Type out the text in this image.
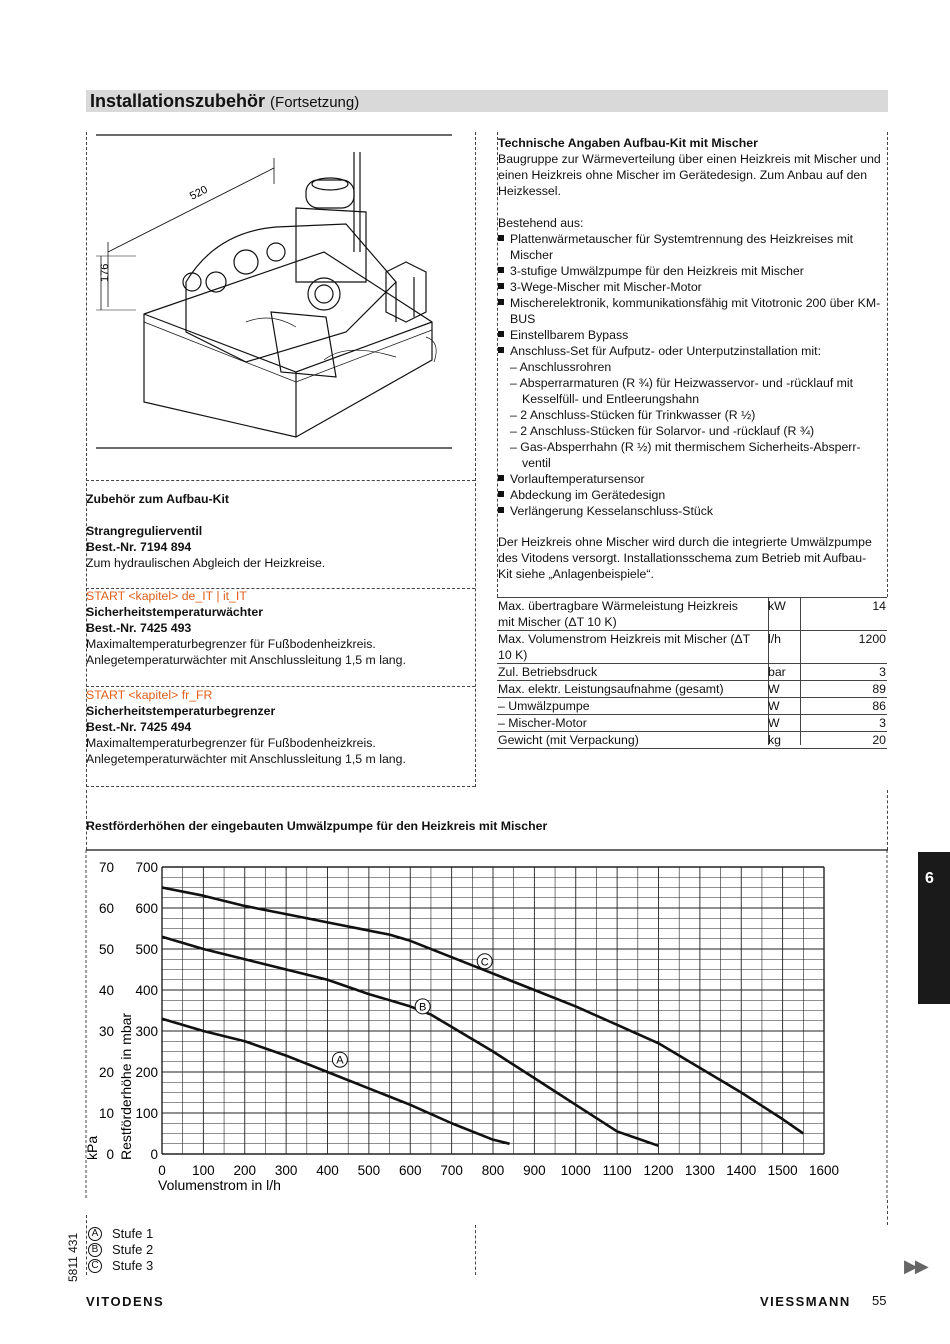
Installationszubehör (Fortsetzung)
520
176
Zubehör zum Aufbau-Kit
Strangregulierventil
Best.-Nr. 7194 894
Zum hydraulischen Abgleich der Heizkreise.
START <kapitel> de_IT | it_IT
Sicherheitstemperaturwächter
Best.-Nr. 7425 493
Maximaltemperaturbegrenzer für Fußbodenheizkreis.
Anlegetemperaturwächter mit Anschlussleitung 1,5 m lang.
START <kapitel> fr_FR
Sicherheitstemperaturbegrenzer
Best.-Nr. 7425 494
Maximaltemperaturbegrenzer für Fußbodenheizkreis.
Anlegetemperaturwächter mit Anschlussleitung 1,5 m lang.
Technische Angaben Aufbau-Kit mit Mischer
Baugruppe zur Wärmeverteilung über einen Heizkreis mit Mischer und
einen Heizkreis ohne Mischer im Gerätedesign. Zum Anbau auf den
Heizkessel.
Bestehend aus:
Plattenwärmetauscher für Systemtrennung des Heizkreises mit
Mischer
3-stufige Umwälzpumpe für den Heizkreis mit Mischer
3-Wege-Mischer mit Mischer-Motor
Mischerelektronik, kommunikationsfähig mit Vitotronic 200 über KM-
BUS
Einstellbarem Bypass
Anschluss-Set für Aufputz- oder Unterputzinstallation mit:
– Anschlussrohren
– Absperrarmaturen (R ¾) für Heizwasservor- und -rücklauf mit
Kesselfüll- und Entleerungshahn
– 2 Anschluss-Stücken für Trinkwasser (R ½)
– 2 Anschluss-Stücken für Solarvor- und -rücklauf (R ¾)
– Gas-Absperrhahn (R ½) mit thermischem Sicherheits-Absperr-
ventil
Vorlauftemperatursensor
Abdeckung im Gerätedesign
Verlängerung Kesselanschluss-Stück
Der Heizkreis ohne Mischer wird durch die integrierte Umwälzpumpe
des Vitodens versorgt. Installationsschema zum Betrieb mit Aufbau-
Kit siehe „Anlagenbeispiele“.
Max. übertragbare Wärmeleistung Heizkreis
mit Mischer (ΔT 10 K)
kW	14
Max. Volumenstrom Heizkreis mit Mischer (ΔT
10 K)
l/h	1200
Zul. Betriebsdruck	bar	3
Max. elektr. Leistungsaufnahme (gesamt)	W	89
– Umwälzpumpe	W	86
– Mischer-Motor	W	3
Gewicht (mit Verpackung)	kg	20
Restförderhöhen der eingebauten Umwälzpumpe für den Heizkreis mit Mischer
0
0
100
10
200
20
300
30
400
40
500
50
600
60
700
70
0 100 200 300 400 500 600 700 800 900 1000 1100 1200 1300 1400 1500 1600
A
B
C
Volumenstrom in l/h
Restförderhöhe in mbar
kPa
A Stufe 1
B Stufe 2
C Stufe 3
6
5811 431
VITODENS	VIESSMANN 55
▶▶
